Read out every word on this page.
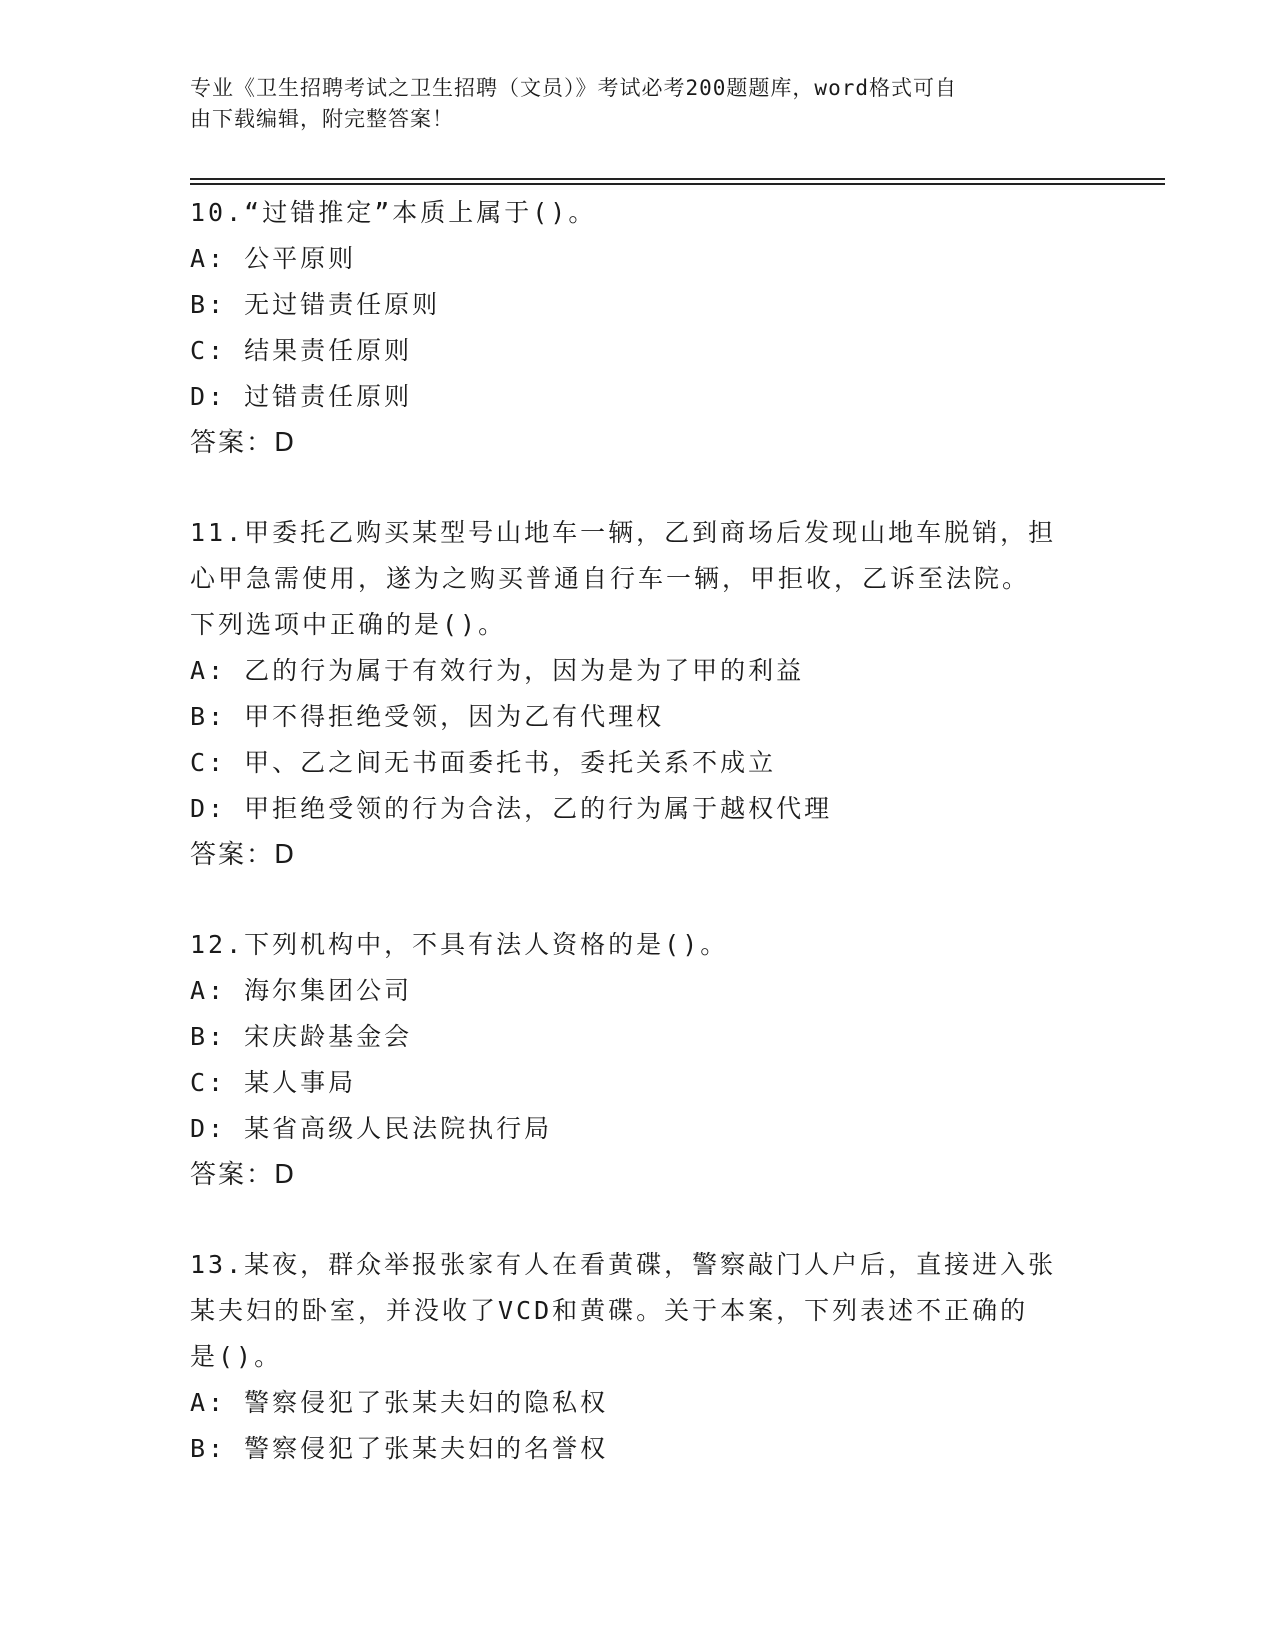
专业《卫生招聘考试之卫生招聘（文员）》考试必考200题题库，word格式可自
由下载编辑，附完整答案！
10.“过错推定”本质上属于()。
A: 公平原则
B: 无过错责任原则
C: 结果责任原则
D: 过错责任原则
答案：D
11.甲委托乙购买某型号山地车一辆，乙到商场后发现山地车脱销，担
心甲急需使用，遂为之购买普通自行车一辆，甲拒收，乙诉至法院。
下列选项中正确的是()。
A: 乙的行为属于有效行为，因为是为了甲的利益
B: 甲不得拒绝受领，因为乙有代理权
C: 甲、乙之间无书面委托书，委托关系不成立
D: 甲拒绝受领的行为合法，乙的行为属于越权代理
答案：D
12.下列机构中，不具有法人资格的是()。
A: 海尔集团公司
B: 宋庆龄基金会
C: 某人事局
D: 某省高级人民法院执行局
答案：D
13.某夜，群众举报张家有人在看黄碟，警察敲门人户后，直接进入张
某夫妇的卧室，并没收了VCD和黄碟。关于本案，下列表述不正确的
是()。
A: 警察侵犯了张某夫妇的隐私权
B: 警察侵犯了张某夫妇的名誉权
